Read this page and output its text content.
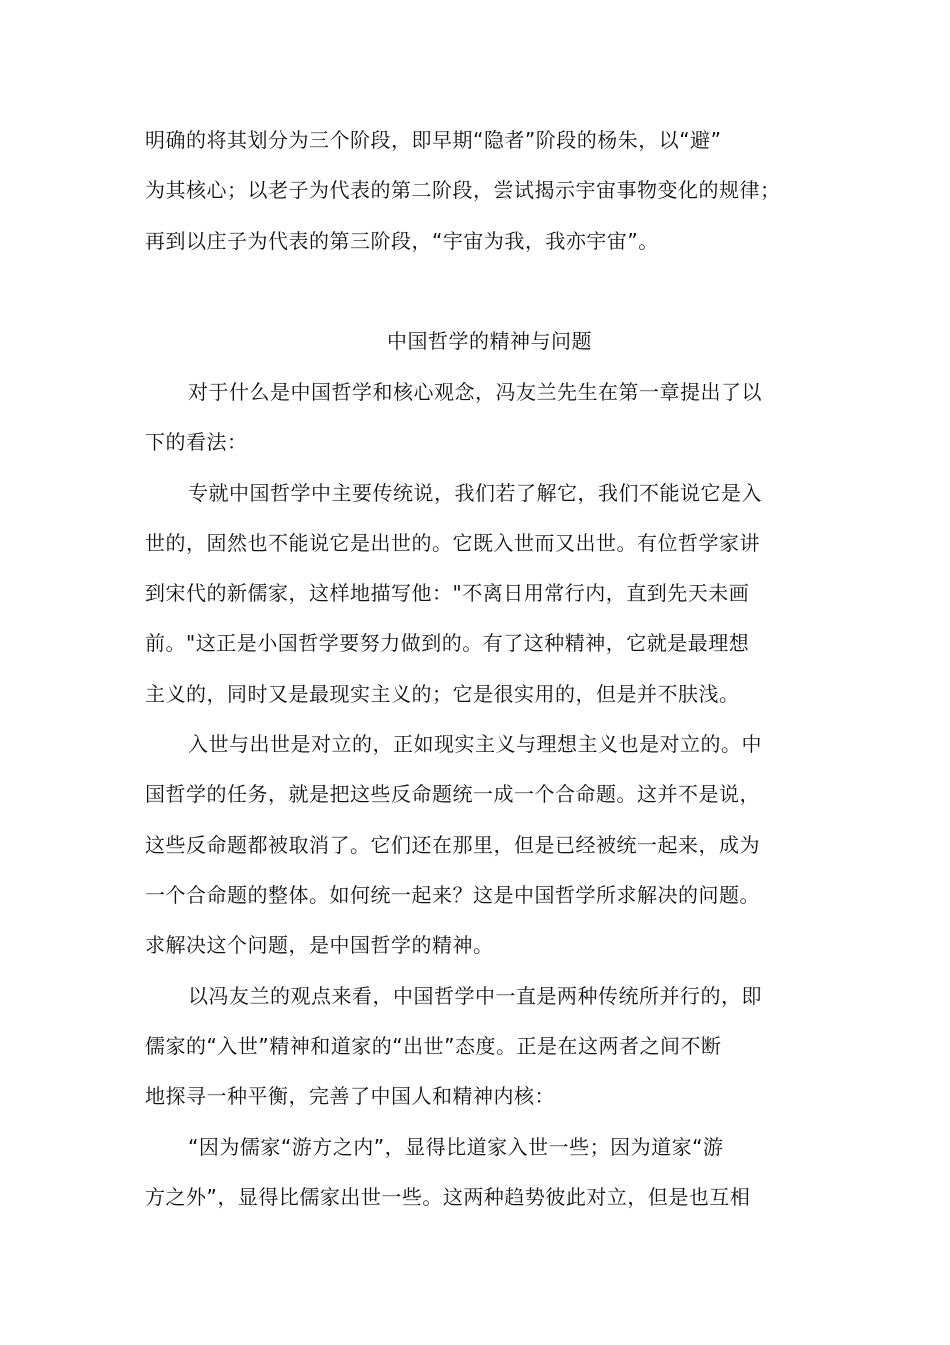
明确的将其划分为三个阶段，即早期“隐者”阶段的杨朱，以“避”
为其核心；以老子为代表的第二阶段，尝试揭示宇宙事物变化的规律；
再到以庄子为代表的第三阶段，“宇宙为我，我亦宇宙”。
中国哲学的精神与问题
对于什么是中国哲学和核心观念，冯友兰先生在第一章提出了以
下的看法：
专就中国哲学中主要传统说，我们若了解它，我们不能说它是入
世的，固然也不能说它是出世的。它既入世而又出世。有位哲学家讲
到宋代的新儒家，这样地描写他："不离日用常行内，直到先天未画
前。"这正是小国哲学要努力做到的。有了这种精神，它就是最理想
主义的，同时又是最现实主义的；它是很实用的，但是并不肤浅。
入世与出世是对立的，正如现实主义与理想主义也是对立的。中
国哲学的任务，就是把这些反命题统一成一个合命题。这并不是说，
这些反命题都被取消了。它们还在那里，但是已经被统一起来，成为
一个合命题的整体。如何统一起来？这是中国哲学所求解决的问题。
求解决这个问题，是中国哲学的精神。
以冯友兰的观点来看，中国哲学中一直是两种传统所并行的，即
儒家的“入世”精神和道家的“出世”态度。正是在这两者之间不断
地探寻一种平衡，完善了中国人和精神内核：
“因为儒家“游方之内”，显得比道家入世一些；因为道家“游
方之外”，显得比儒家出世一些。这两种趋势彼此对立，但是也互相
